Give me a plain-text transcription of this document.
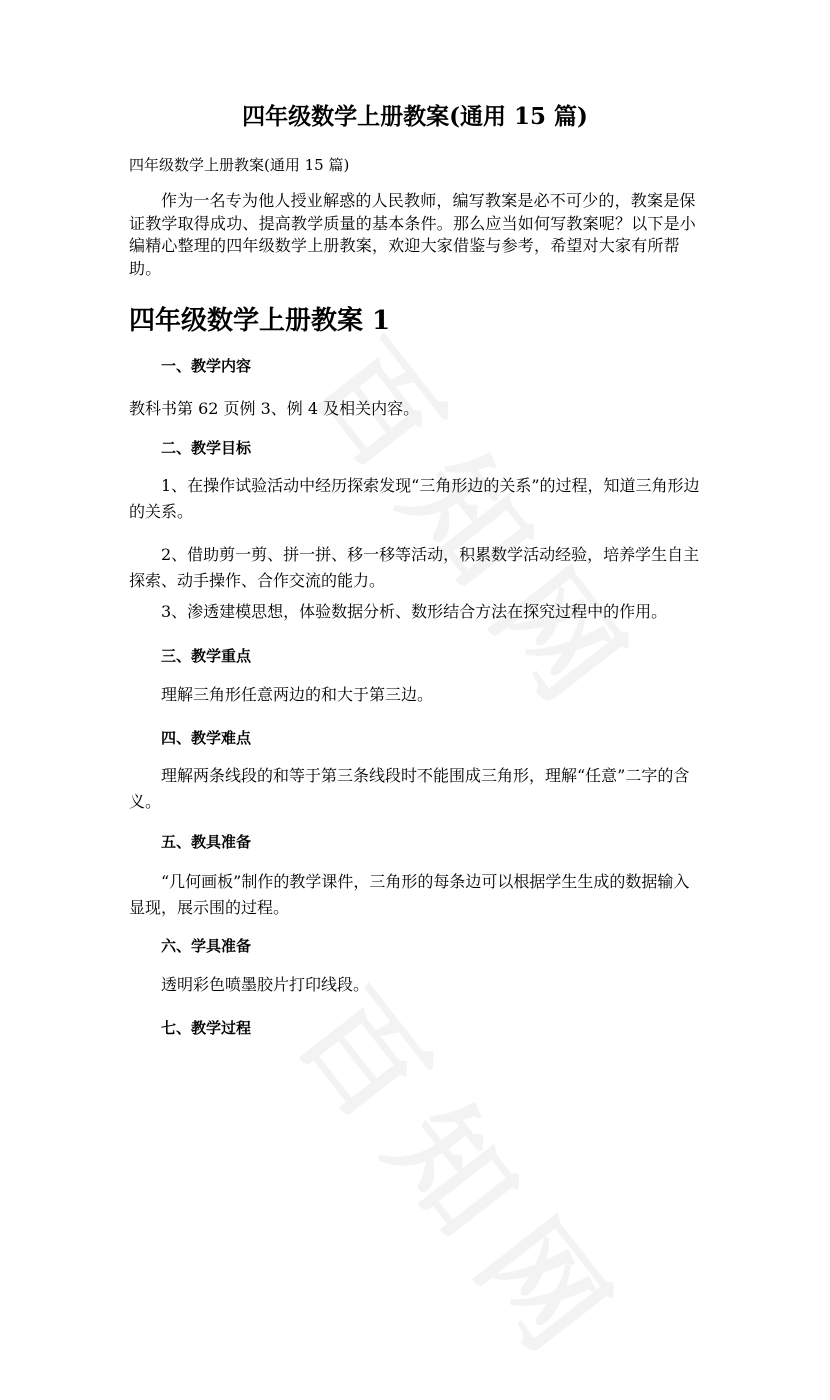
四年级数学上册教案(通用 15 篇)

四年级数学上册教案(通用 15 篇)

作为一名专为他人授业解惑的人民教师，编写教案是必不可少的，教案是保证教学取得成功、提高教学质量的基本条件。那么应当如何写教案呢？以下是小编精心整理的四年级数学上册教案，欢迎大家借鉴与参考，希望对大家有所帮助。

四年级数学上册教案 1
一、教学内容

教科书第 62 页例 3、例 4 及相关内容。

二、教学目标

1、在操作试验活动中经历探索发现“三角形边的关系”的过程，知道三角形边的关系。

2、借助剪一剪、拼一拼、移一移等活动，积累数学活动经验，培养学生自主探索、动手操作、合作交流的能力。

3、渗透建模思想，体验数据分析、数形结合方法在探究过程中的作用。

三、教学重点

理解三角形任意两边的和大于第三边。

四、教学难点

理解两条线段的和等于第三条线段时不能围成三角形，理解“任意”二字的含义。

五、教具准备

“几何画板”制作的教学课件，三角形的每条边可以根据学生生成的数据输入显现，展示围的过程。

六、学具准备

透明彩色喷墨胶片打印线段。

七、教学过程
